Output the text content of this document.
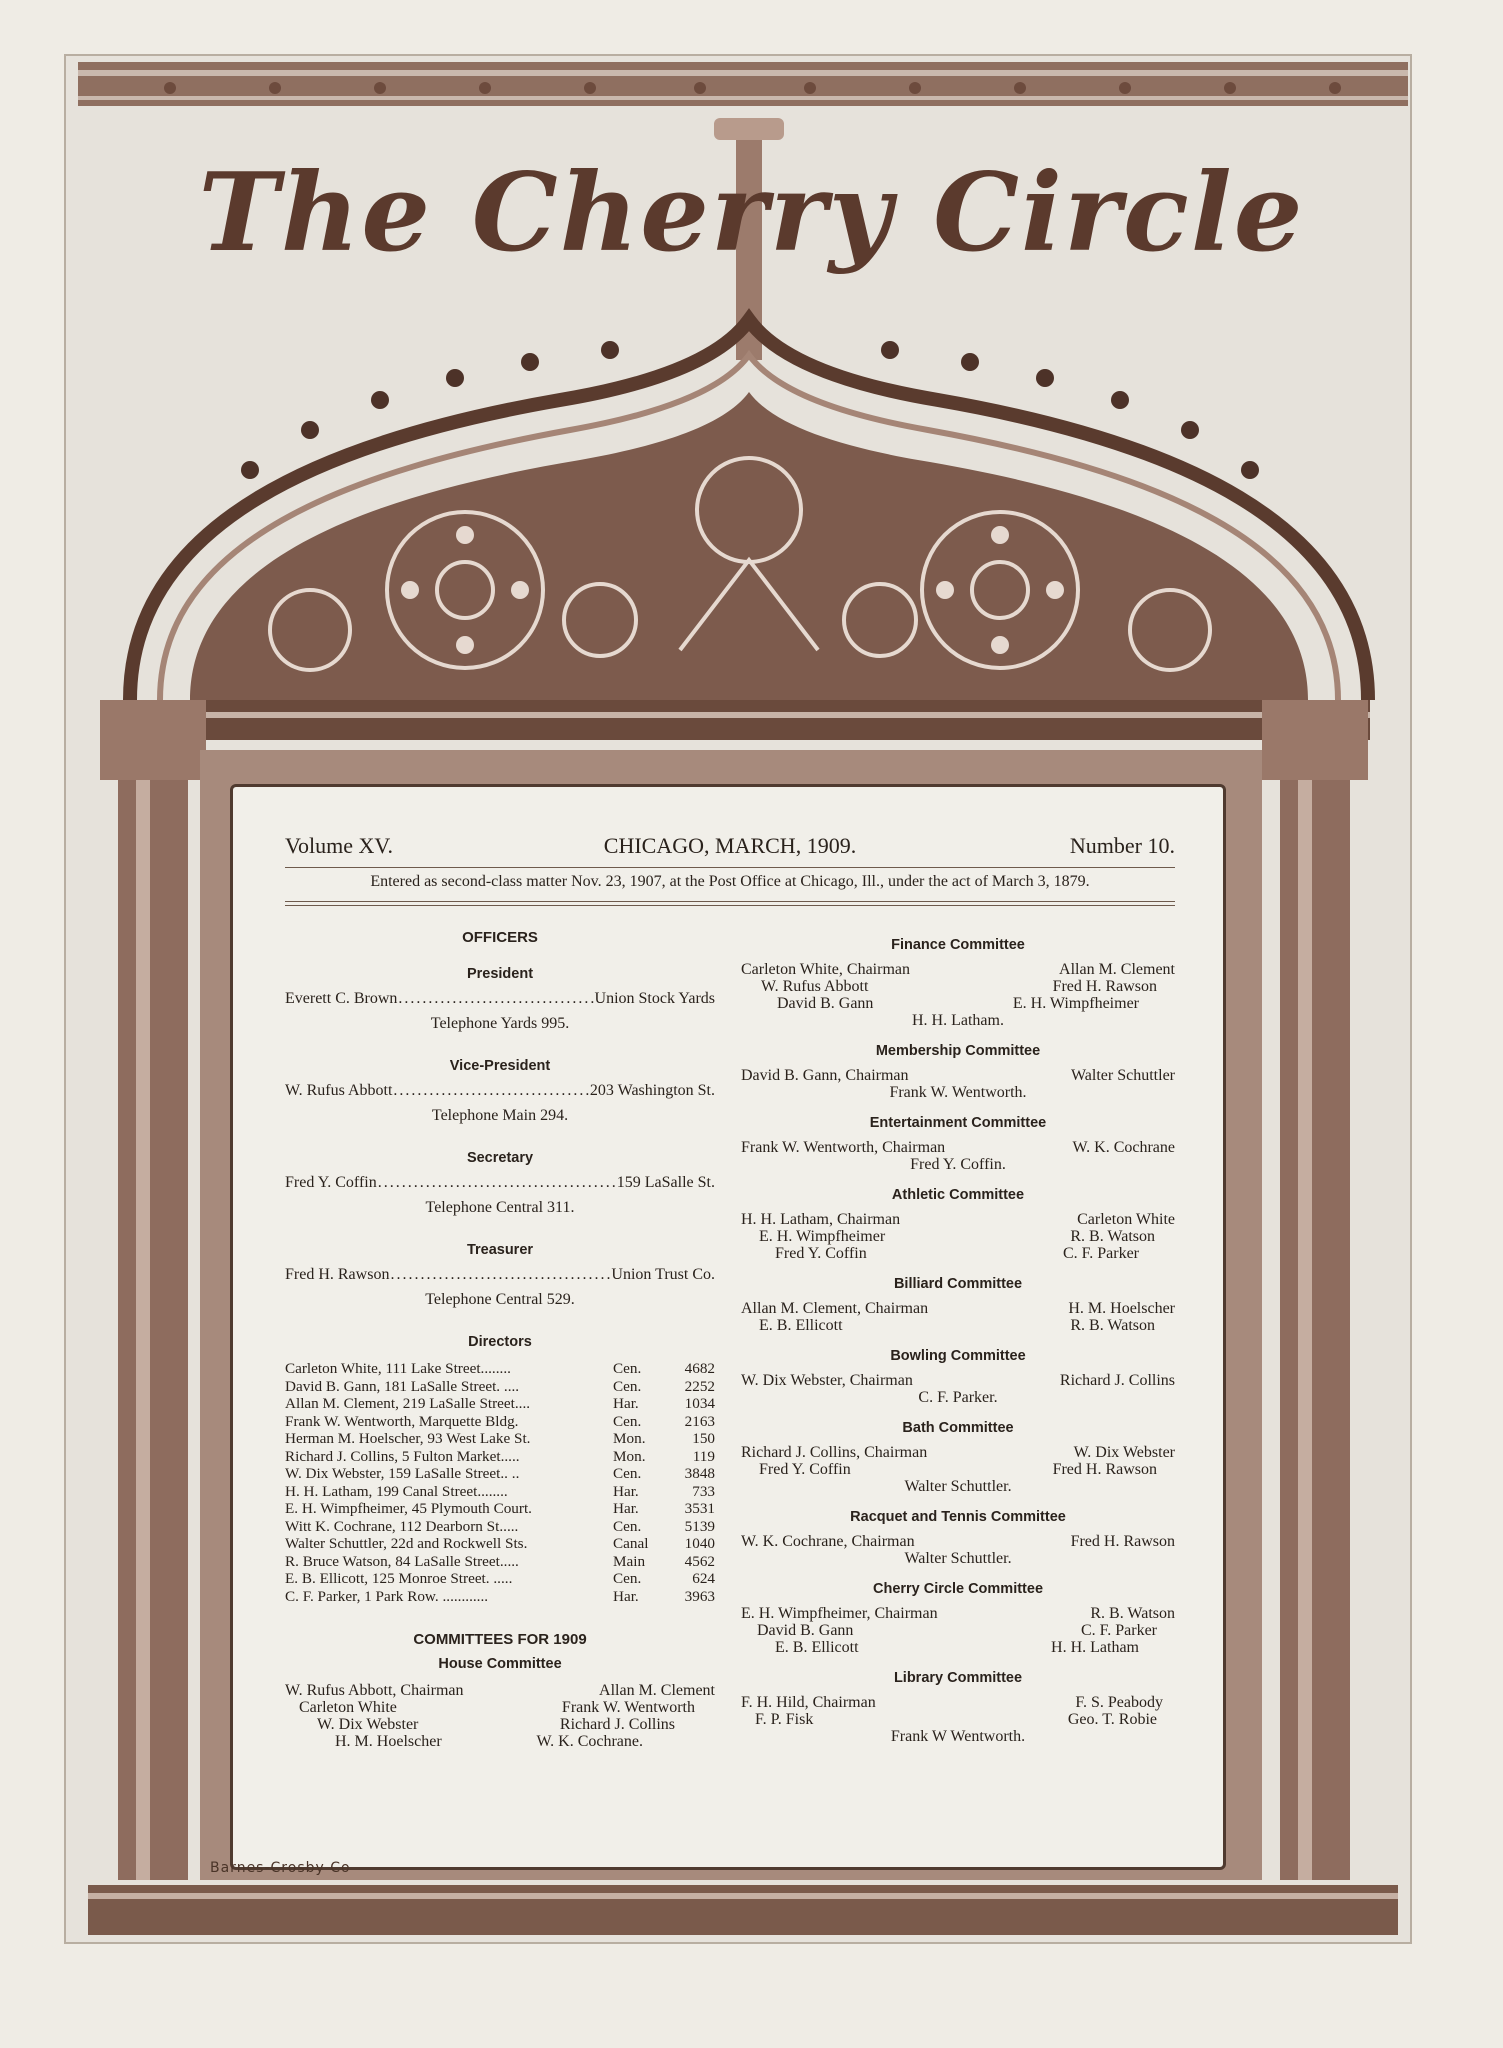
The Cherry Circle
Volume XV.	CHICAGO, MARCH, 1909.	Number 10.
Entered as second-class matter Nov. 23, 1907, at the Post Office at Chicago, Ill., under the act of March 3, 1879.
OFFICERS
President
Everett C. Brown .....	Union Stock Yards
Telephone Yards 995.
Vice-President
W. Rufus Abbott .....	203 Washington St.
Telephone Main 294.
Secretary
Fred Y. Coffin .....	159 LaSalle St.
Telephone Central 311.
Treasurer
Fred H. Rawson .....	Union Trust Co.
Telephone Central 529.
Directors
Carleton White, 111 Lake Street........	Cen.	4682
David B. Gann, 181 LaSalle Street. ....	Cen.	2252
Allan M. Clement, 219 LaSalle Street....	Har.	1034
Frank W. Wentworth, Marquette Bldg.	Cen.	2163
Herman M. Hoelscher, 93 West Lake St.	Mon.	150
Richard J. Collins, 5 Fulton Market.....	Mon.	119
W. Dix Webster, 159 LaSalle Street.. ..	Cen.	3848
H. H. Latham, 199 Canal Street........	Har.	733
E. H. Wimpfheimer, 45 Plymouth Court.	Har.	3531
Witt K. Cochrane, 112 Dearborn St.....	Cen.	5139
Walter Schuttler, 22d and Rockwell Sts.	Canal	1040
R. Bruce Watson, 84 LaSalle Street.....	Main	4562
E. B. Ellicott, 125 Monroe Street. .....	Cen.	624
C. F. Parker, 1 Park Row. ............	Har.	3963
COMMITTEES FOR 1909
House Committee
W. Rufus Abbott, Chairman	Allan M. Clement
Carleton White	Frank W. Wentworth
W. Dix Webster	Richard J. Collins
H. M. Hoelscher	W. K. Cochrane.
Finance Committee
Carleton White, Chairman	Allan M. Clement
W. Rufus Abbott	Fred H. Rawson
David B. Gann	E. H. Wimpfheimer
H. H. Latham.
Membership Committee
David B. Gann, Chairman	Walter Schuttler
Frank W. Wentworth.
Entertainment Committee
Frank W. Wentworth, Chairman	W. K. Cochrane
Fred Y. Coffin.
Athletic Committee
H. H. Latham, Chairman	Carleton White
E. H. Wimpfheimer	R. B. Watson
Fred Y. Coffin	C. F. Parker
Billiard Committee
Allan M. Clement, Chairman	H. M. Hoelscher
E. B. Ellicott	R. B. Watson
Bowling Committee
W. Dix Webster, Chairman	Richard J. Collins
C. F. Parker.
Bath Committee
Richard J. Collins, Chairman	W. Dix Webster
Fred Y. Coffin	Fred H. Rawson
Walter Schuttler.
Racquet and Tennis Committee
W. K. Cochrane, Chairman	Fred H. Rawson
Walter Schuttler.
Cherry Circle Committee
E. H. Wimpfheimer, Chairman	R. B. Watson
David B. Gann	C. F. Parker
E. B. Ellicott	H. H. Latham
Library Committee
F. H. Hild, Chairman	F. S. Peabody
F. P. Fisk	Geo. T. Robie
Frank W Wentworth.
Barnes-Crosby Co
